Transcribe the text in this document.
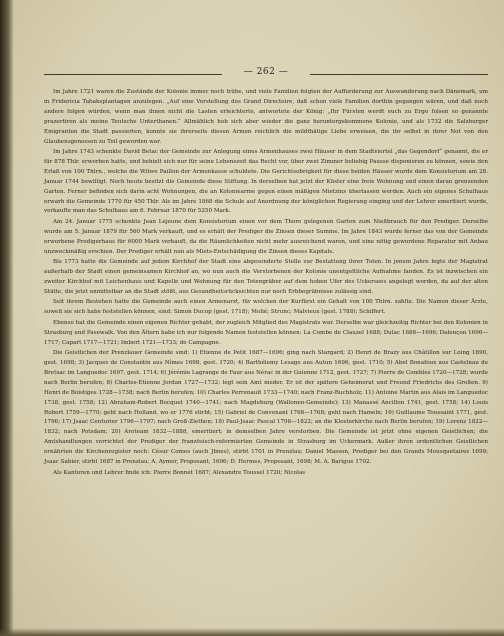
— 262 —

Im Jahre 1721 waren die Zustände der Kolonie immer noch trübe, und viele Familien folgten der Aufforderung zur Auswanderung nach Dänemark, um in Fridericia Tabaksplantagen anzulegen. „Auf eine Vorstellung des Grand Directoire, daß schon viele Familien dorthin gegangen wären, und daß noch andere folgen würden, wenn man ihnen nicht die Lasten erleichterte, antwortete der König: „Ihr Fürsten werdt euch zu Ergo folsen so genannte prazertiren als meine Teutsche Unterthanen.“ Allmählich hob sich aber wieder die ganz heruntergekommene Kolonie, und als 1732 die Salzburger Emigranten die Stadt passierten, konnte sie ihrerseits diesen Armen reichlich die mildthätige Liebe erweisen, die ihr selbst in ihrer Not von den Glaubensgenossen zu Teil geworden war.

Im Jahre 1743 schenkte David Betac der Gemeinde zur Anlegung eines Armenhauses zwei Häuser in dem Stadtviertel „das Gegendorf“ genannt, die er für 878 Thlr. erworben hatte, und behielt sich nur für seine Lebenszeit das Recht vor, über zwei Zimmer beliebig Pausse disponieren zu können, sowie den Erlaß von 100 Thlrn., welche die Witwe Paillon der Armenkasse schuldete. Die Gerichtsobrigkeit für diese beiden Häuser wurde dem Konsistorium am 28. Januar 1744 bewilligt. Noch heute besitzt die Gemeinde diese Stiftung. In derselben hat jetzt der Küster eine freie Wohnung und einen daran grenzenden Garten. Ferner befinden sich darin acht Wohnungen, die an Koloniearme gegen einen mäßigen Mietzins überlassen werden. Auch ein eigenes Schulhaus erwarb die Gemeinde 1770 für 450 Thlr. Als im Jahre 1868 die Schule auf Anordnung der königlichen Regierung einging und der Lehrer emeritiert wurde, verkaufte man das Schulhaus am 6. Februar 1870 für 5250 Mark.

Am 24. Januar 1775 schenkte Jean Lejeune dem Konsistorium einen vor dem Thore gelegenen Garten zum Nießbrauch für den Prediger. Derselbe wurde am 5. Januar 1879 für 560 Mark verkauft, und es erhält der Prediger die Zinsen dieser Summe. Im Jahre 1843 wurde ferner das von der Gemeinde erworbene Predigerhaus für 6000 Mark verkauft, da die Räumlichkeiten nicht mehr ausreichend waren, und eine nötig gewordene Reparatur mit Anbau unzweckmäßig erschien. Der Prediger erhält nun als Miets-Entschädigung die Zinsen dieses Kapitals.

Bis 1773 hatte die Gemeinde auf jedem Kirchhof der Stadt eine abgesonderte Stelle zur Bestattung ihrer Toten. In jenem Jahre legte der Magistrat außerhalb der Stadt einen gemeinsamen Kirchhof an, wo nun auch die Verstorbenen der Kolonie unentgeltliche Aufnahme fanden. Es ist inzwischen ein zweiter Kirchhof mit Leichenhaus und Kapelle und Wohnung für den Totengräber auf dem hohen Ufer des Uckersees angelegt worden, da auf der alten Stätte, die jetzt unmittelbar an die Stadt stößt, aus Gesundheitsrücksichten nur noch Erbbegräbnisse zulässig sind.

Seit ihrem Bestehen hatte die Gemeinde auch einen Armenarzt, für welchen der Kurfürst ein Gehalt von 100 Thlrn. zahlte. Die Namen dieser Ärzte, soweit sie sich habe feststellen können, sind: Simon Ducop (gest. 1718); Molié; Strunc; Malvieux (gest. 1788); Schiffert.

Ebenso hat die Gemeinde einen eigenen Richter gehabt, der zugleich Mitglied des Magistrats war. Derselbe war gleichzeitig Richter bei den Kolonien in Strasburg und Pasewalk. Von den Ältern habe ich nur folgende Namen feststellen können: La Combe de Clauzel 1688; Dulac 1688—1696; Dalençon 1696—1717; Capart 1717—1721; Imbert 1721—1733; de Campagne.

Die Geistlichen der Prenzlauer Gemeinde sind: 1) Etienne de Petit 1687—1696; ging nach Stargard; 2) Henri de Brazy aus Châtillon sur Loing 1690, gest. 1698; 3) Jacques de Constantin aus Nîmes 1698, gest. 1720; 4) Barthélemy Lesage aus Autun 1696, gest. 1710; 5) Abel Bonafoux aus Castelnau de Bretsac im Languedoc 1697, gest. 1714; 6) Jérémie Lagrange de Faur aus Nérac in der Guienne 1712, gest. 1727; 7) Pierre de Combles 1720—1728; wurde nach Berlin berufen; 8) Charles-Etienne Jordan 1727—1732; legt sein Amt nieder. Er ist der spätere Geheimerat und Freund Friedrichs des Großen. 9) Henri de Boistiges 1728—1738; nach Berlin berufen; 10) Charles Perrenault 1733—1740; nach Franz-Buchholz; 11) Antoine Martin aus Alais im Languedoc 1738, gest. 1758; 12) Abraham-Robert Bocquet 1740—1741; nach Magdeburg (Wallonen-Gemeinde); 13) Manassé Ancillon 1741, gest. 1758; 14) Louis Robert 1759—1770; geht nach Holland, wo er 1776 stirbt; 15) Gabriel de Convenant 1768—1768; geht nach Hameln; 16) Guillaume Toussaint 1771, gest. 1796; 17) Jsaac Centurier 1796—1797; nach Groß-Ziethen; 18) Paul-Jsaac Pascal 1798—1822; an die Klosterkirche nach Berlin berufen; 19) Lorenz 1822—1832; nach Potsdam; 20) Aroteam 1832—1888, emeritiert; in demselben Jahre verstorben. Die Gemeinde ist jetzt ohne eigenen Geistlichen; die Amtshandlungen verrichtet der Prediger der französisch-reformierten Gemeinde in Strasburg im Uckermark. Außer ihren ordentlichen Geistlichen ernährten die Kirchenregister noch: Césur Comes (auch Jlmes), stirbt 1701 in Prenzlau; Daniel Masson, Prediger bei den Grands Mousquetaires 1699; Jsaac Sabier, stirbt 1687 in Prenzlau; A. Aymer, Proposant, 1696; D. Hermes, Proposant, 1698; M. A. Barigue 1702.

Als Kantoren und Lehrer finde ich: Pierre Bonnet 1687; Alexandre Toussel 1720; Nicolas
